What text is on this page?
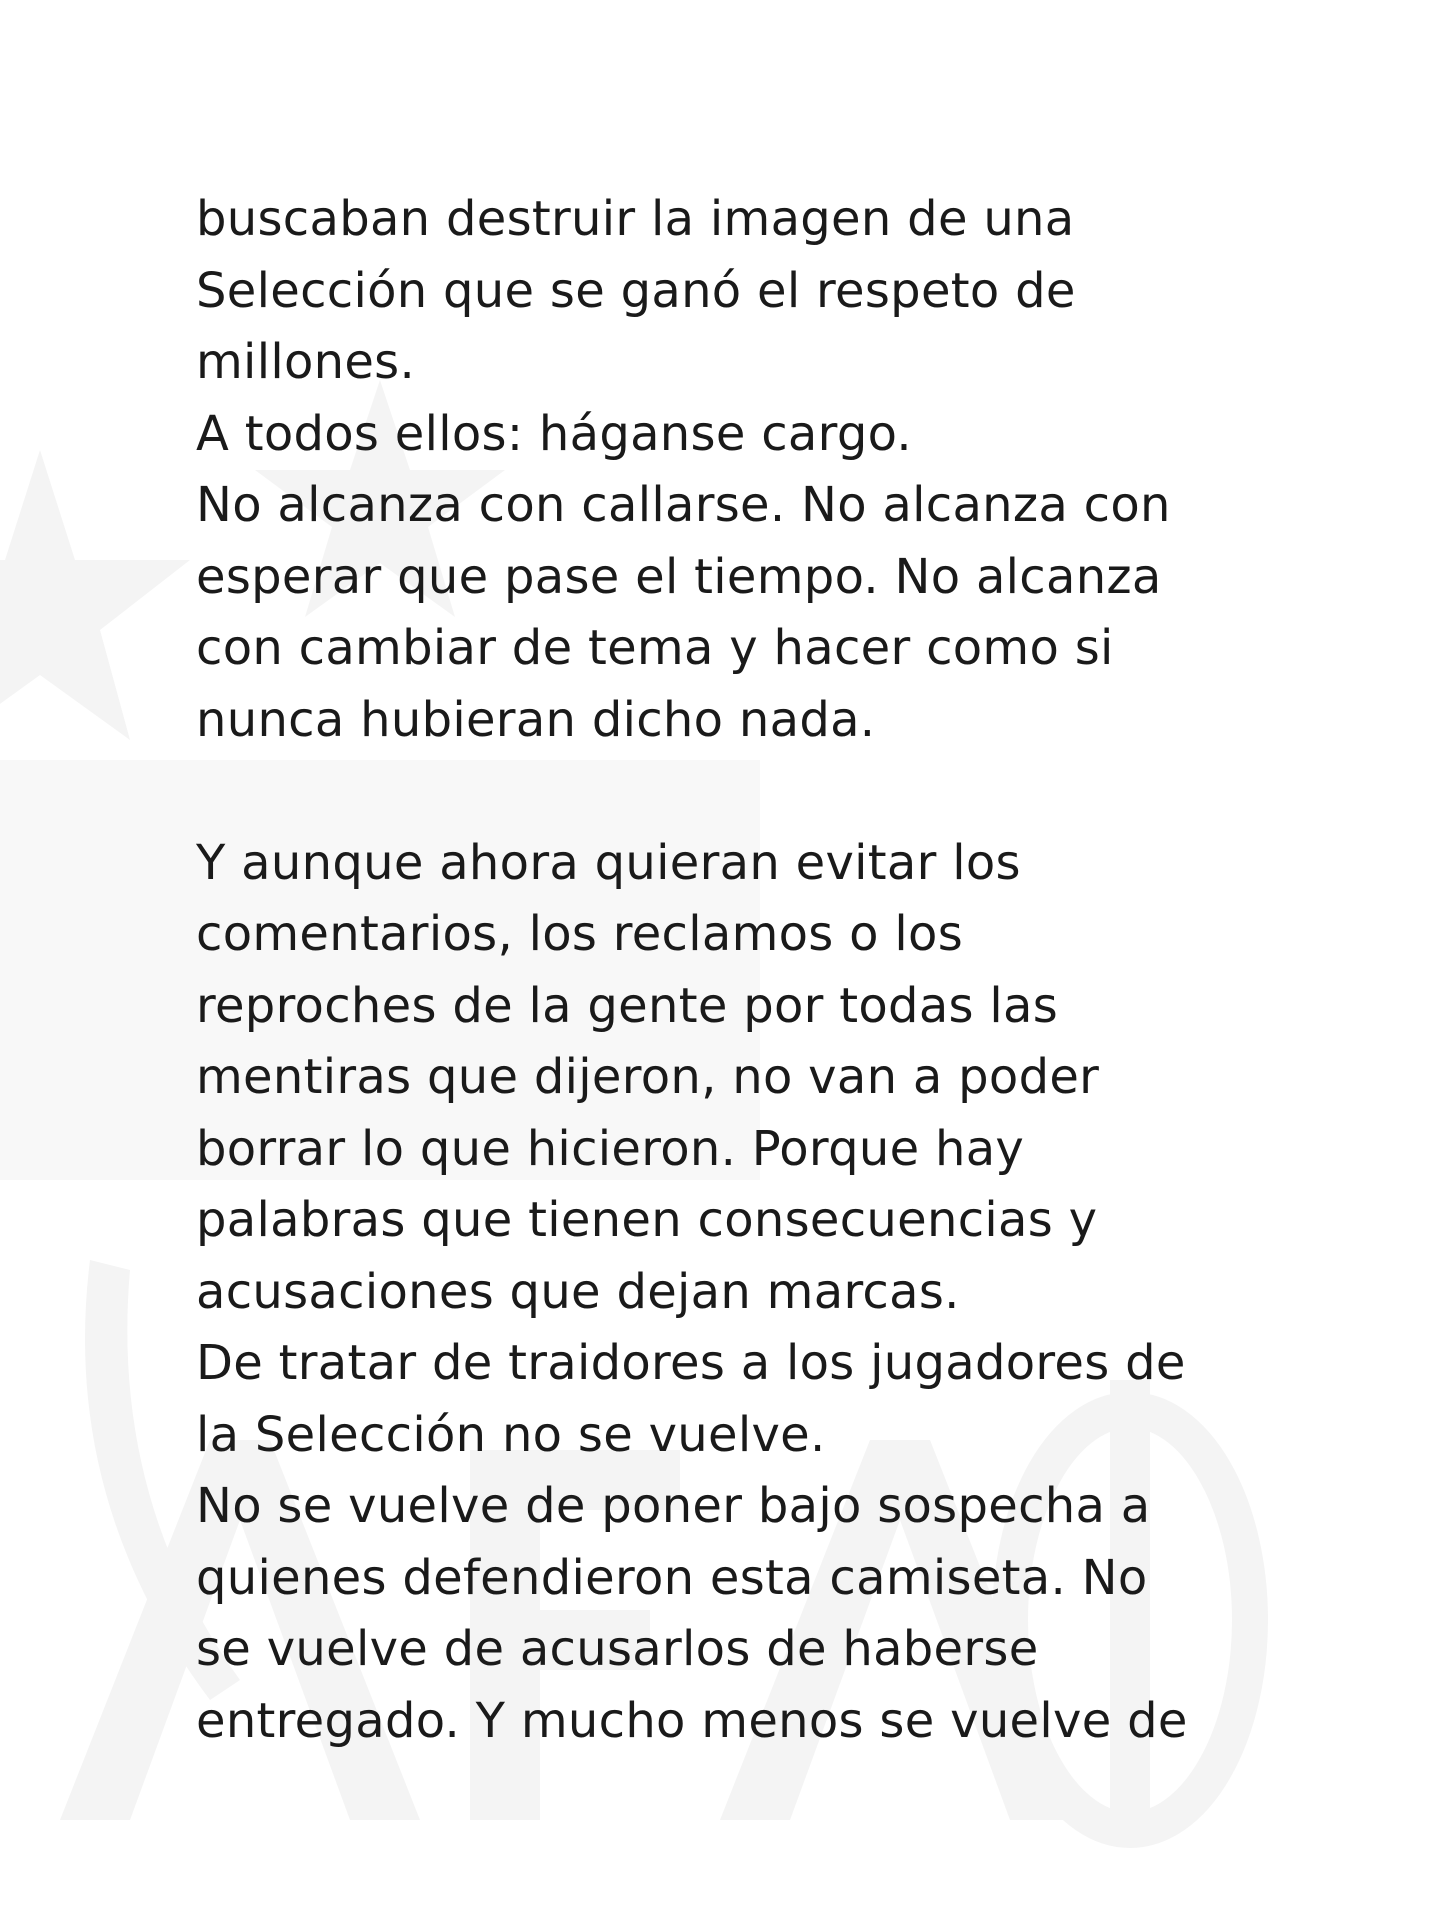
buscaban destruir la imagen de una
Selección que se ganó el respeto de
millones.
A todos ellos: háganse cargo.
No alcanza con callarse. No alcanza con
esperar que pase el tiempo. No alcanza
con cambiar de tema y hacer como si
nunca hubieran dicho nada.
Y aunque ahora quieran evitar los
comentarios, los reclamos o los
reproches de la gente por todas las
mentiras que dijeron, no van a poder
borrar lo que hicieron. Porque hay
palabras que tienen consecuencias y
acusaciones que dejan marcas.
De tratar de traidores a los jugadores de
la Selección no se vuelve.
No se vuelve de poner bajo sospecha a
quienes defendieron esta camiseta. No
se vuelve de acusarlos de haberse
entregado. Y mucho menos se vuelve de
